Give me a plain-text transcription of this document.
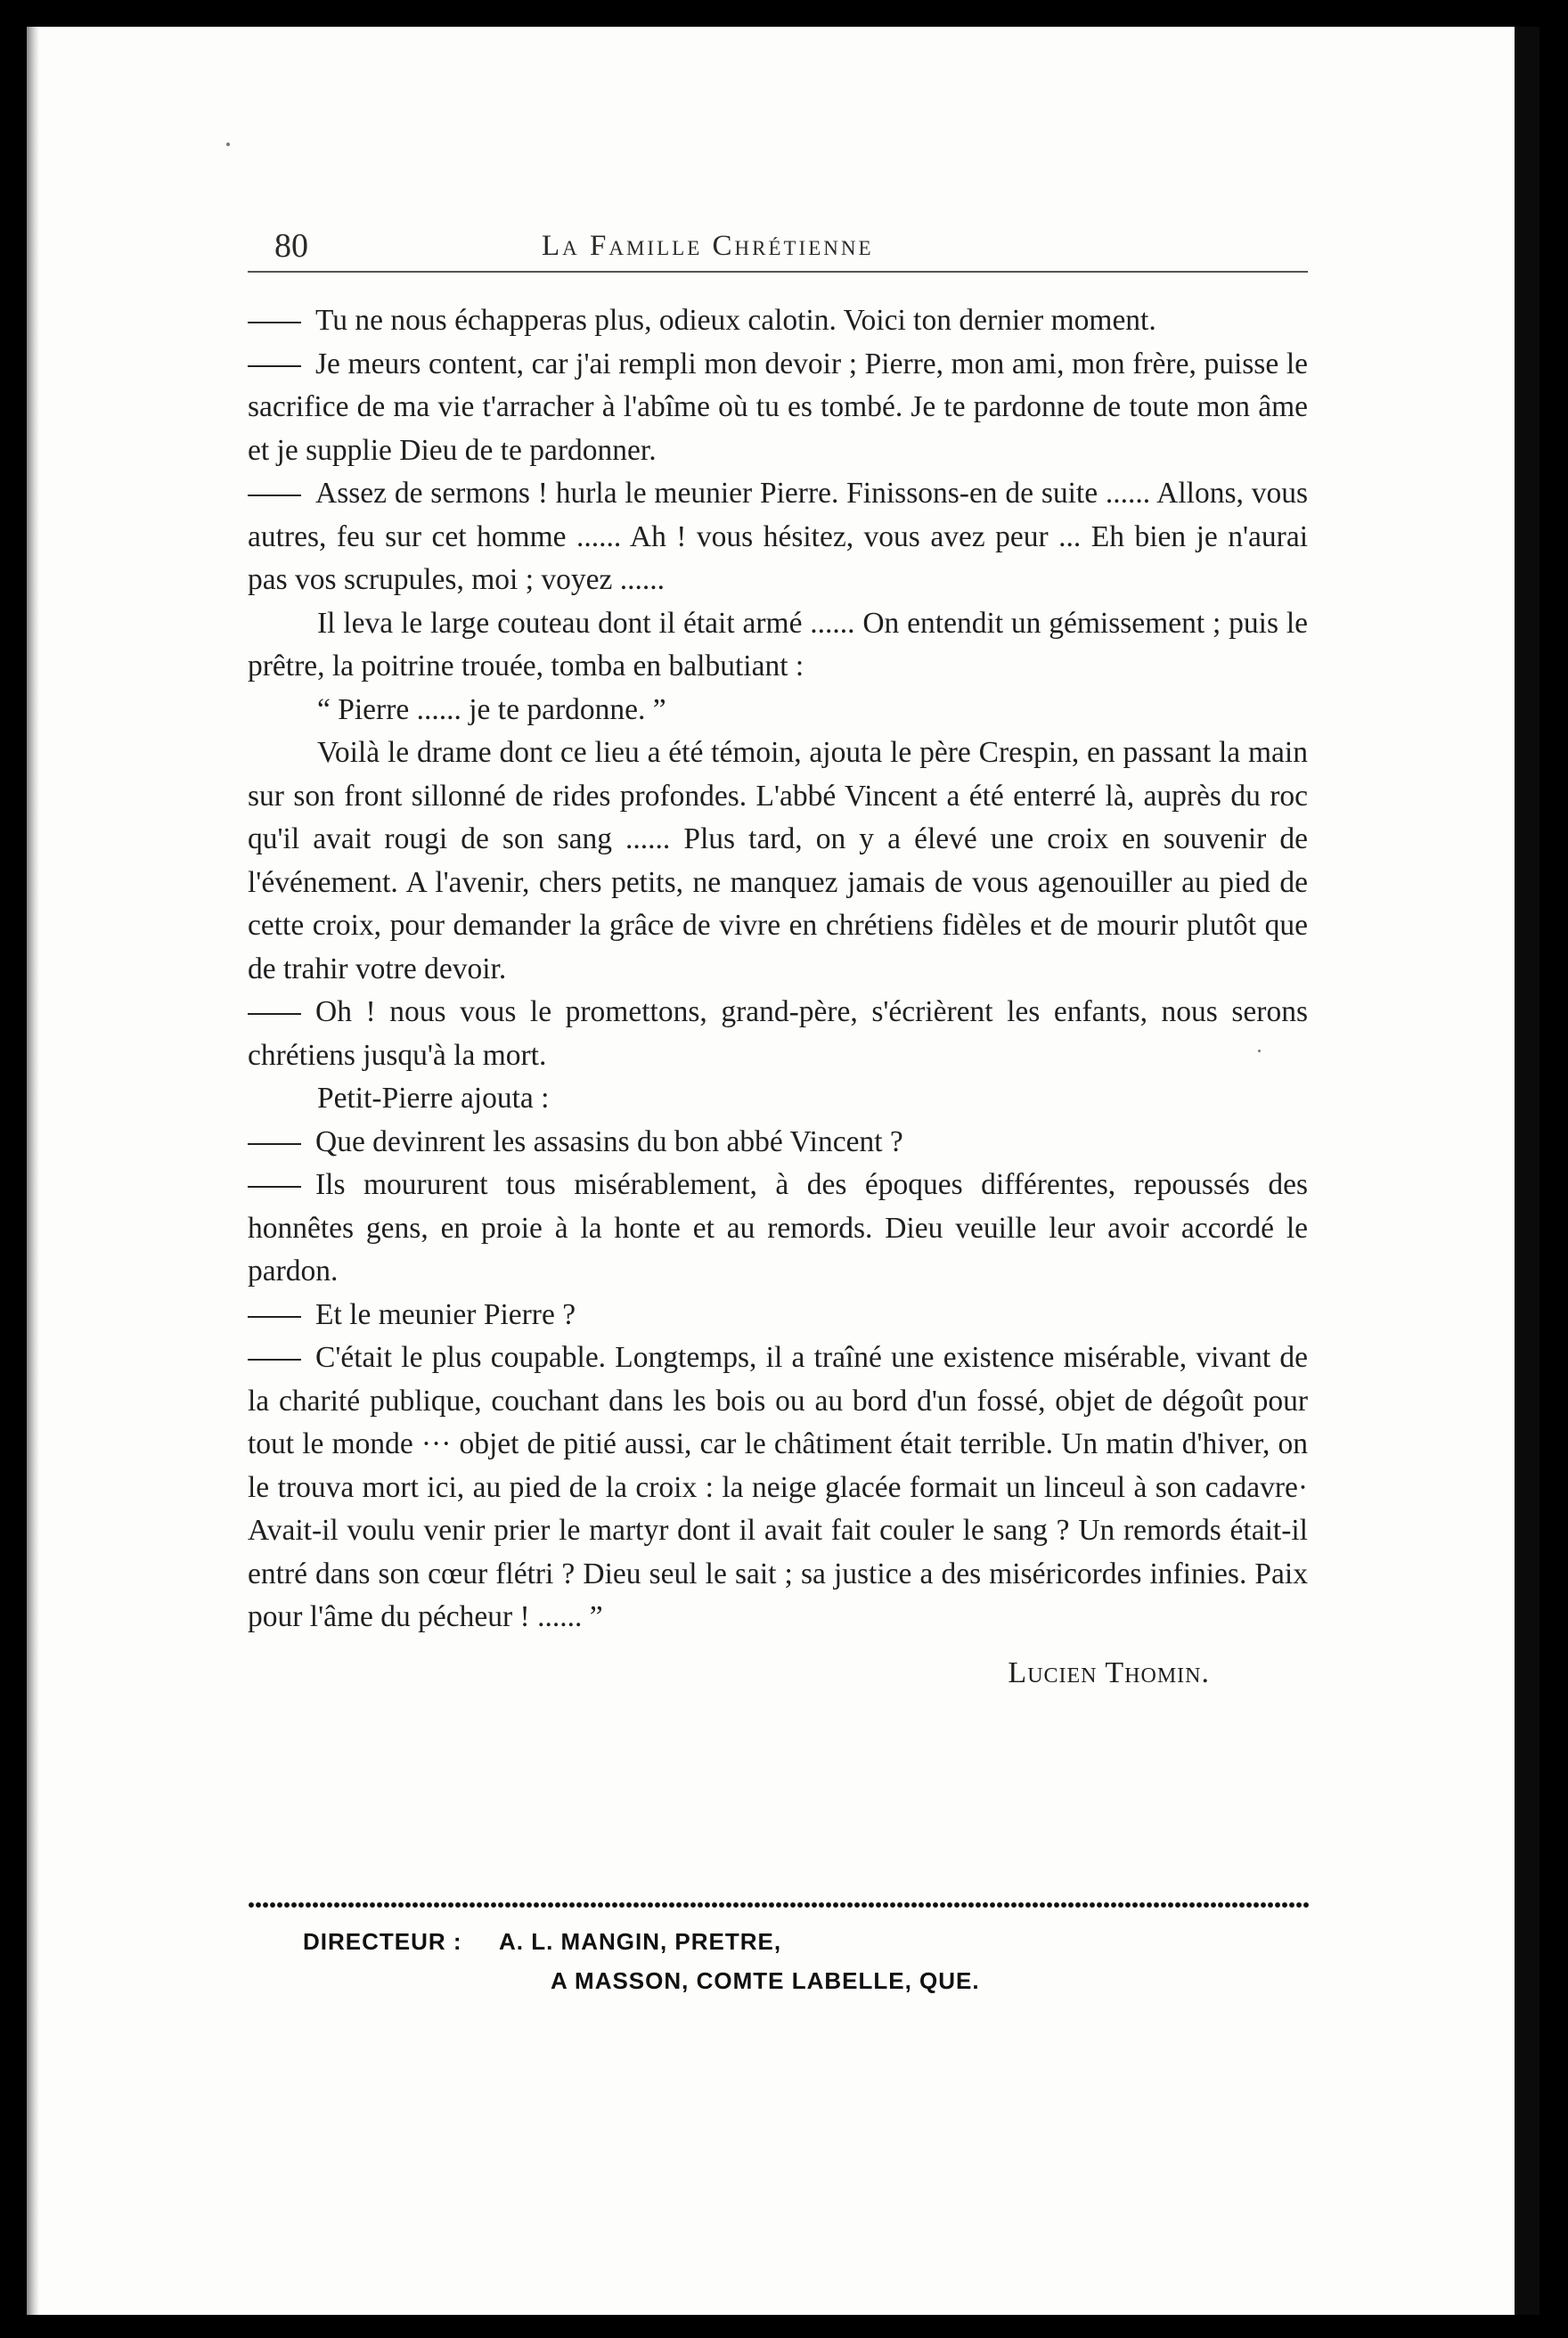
80	La Famille Chrétienne

Tu ne nous échapperas plus, odieux calotin. Voici ton dernier moment.

Je meurs content, car j'ai rempli mon devoir ; Pierre, mon ami, mon frère, puisse le sacrifice de ma vie t'arracher à l'abîme où tu es tombé. Je te pardonne de toute mon âme et je supplie Dieu de te pardonner.

Assez de sermons ! hurla le meunier Pierre. Finissons-en de suite ...... Allons, vous autres, feu sur cet homme ...... Ah ! vous hésitez, vous avez peur ... Eh bien je n'aurai pas vos scrupules, moi ; voyez ......

Il leva le large couteau dont il était armé ...... On entendit un gémissement ; puis le prêtre, la poitrine trouée, tomba en balbutiant :

“ Pierre ...... je te pardonne. ”

Voilà le drame dont ce lieu a été témoin, ajouta le père Crespin, en passant la main sur son front sillonné de rides profondes. L'abbé Vincent a été enterré là, auprès du roc qu'il avait rougi de son sang ...... Plus tard, on y a élevé une croix en souvenir de l'événement. A l'avenir, chers petits, ne manquez jamais de vous agenouiller au pied de cette croix, pour demander la grâce de vivre en chrétiens fidèles et de mourir plutôt que de trahir votre devoir.

Oh ! nous vous le promettons, grand-père, s'écrièrent les enfants, nous serons chrétiens jusqu'à la mort.

Petit-Pierre ajouta :

Que devinrent les assasins du bon abbé Vincent ?

Ils moururent tous misérablement, à des époques différentes, repoussés des honnêtes gens, en proie à la honte et au remords. Dieu veuille leur avoir accordé le pardon.

Et le meunier Pierre ?

C'était le plus coupable. Longtemps, il a traîné une existence misérable, vivant de la charité publique, couchant dans les bois ou au bord d'un fossé, objet de dégoût pour tout le monde ··· objet de pitié aussi, car le châtiment était terrible. Un matin d'hiver, on le trouva mort ici, au pied de la croix : la neige glacée formait un linceul à son cadavre· Avait-il voulu venir prier le martyr dont il avait fait couler le sang ? Un remords était-il entré dans son cœur flétri ? Dieu seul le sait ; sa justice a des miséricordes infinies. Paix pour l'âme du pécheur ! ...... ”

Lucien Thomin.

DIRECTEUR : A. L. MANGIN, PRETRE,
A MASSON, COMTE LABELLE, QUE.
